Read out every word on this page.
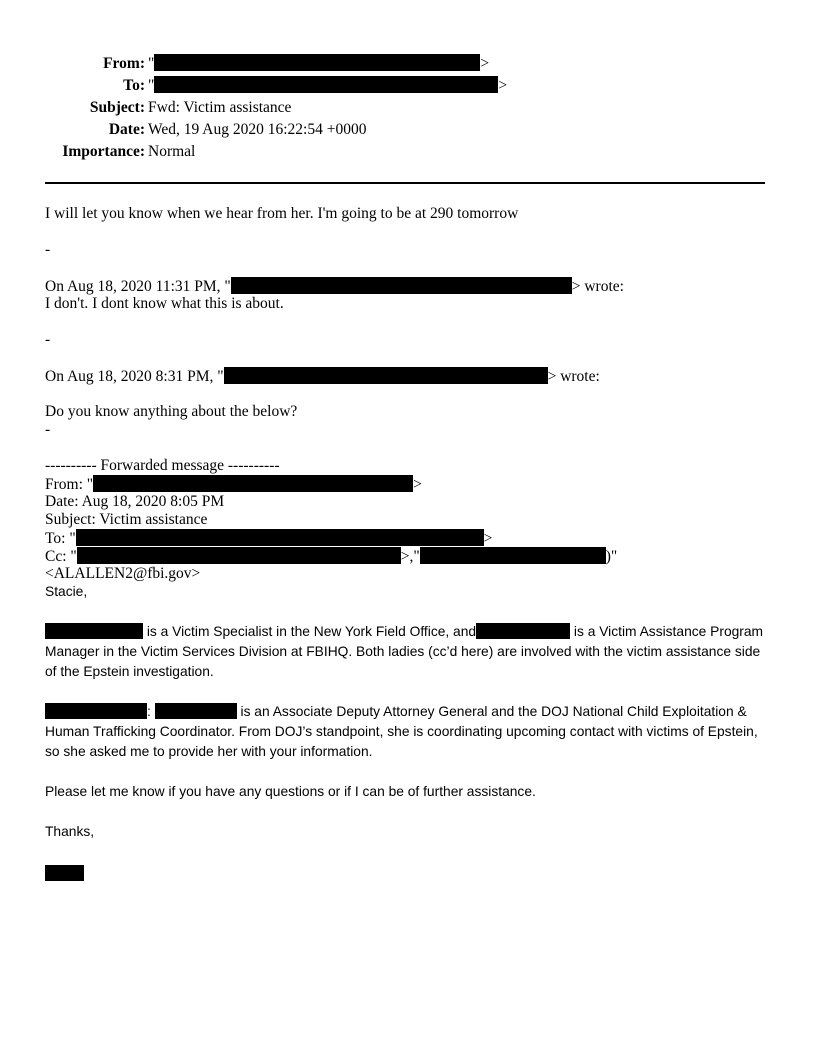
From: "	>
To: "	>
Subject: Fwd: Victim assistance
Date: Wed, 19 Aug 2020 16:22:54 +0000
Importance: Normal
I will let you know when we hear from her. I'm going to be at 290 tomorrow
-
On Aug 18, 2020 11:31 PM, "	> wrote:
I don't. I dont know what this is about.
-
On Aug 18, 2020 8:31 PM, "	> wrote:
Do you know anything about the below?
-
---------- Forwarded message ----------
From: "	>
Date: Aug 18, 2020 8:05 PM
Subject: Victim assistance
To: "	>
Cc: "	>,"	)"
<ALALLEN2@fbi.gov>
Stacie,
is a Victim Specialist in the New York Field Office, and	is a Victim Assistance Program Manager in the Victim Services Division at FBIHQ. Both ladies (cc’d here) are involved with the victim assistance side of the Epstein investigation.
:	is an Associate Deputy Attorney General and the DOJ National Child Exploitation & Human Trafficking Coordinator. From DOJ’s standpoint, she is coordinating upcoming contact with victims of Epstein, so she asked me to provide her with your information.
Please let me know if you have any questions or if I can be of further assistance.
Thanks,
